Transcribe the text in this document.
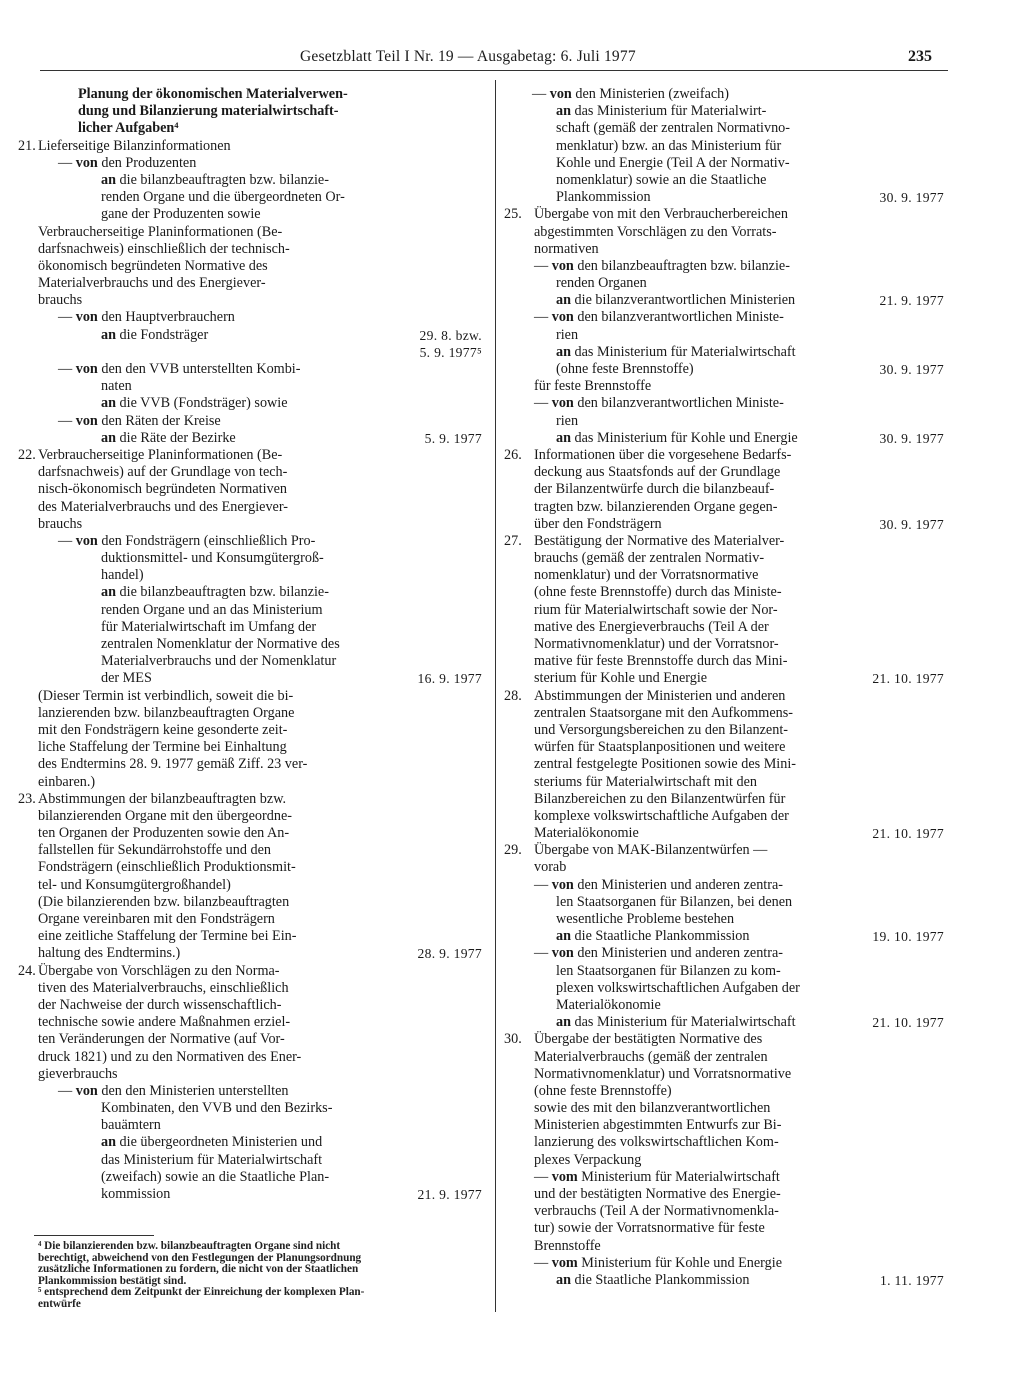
Gesetzblatt Teil I Nr. 19 — Ausgabetag: 6. Juli 1977	235
Planung der ökonomischen Materialverwen-
dung und Bilanzierung materialwirtschaft-
licher Aufgaben⁴
21. Lieferseitige Bilanzinformationen
— von den Produzenten
an die bilanzbeauftragten bzw. bilanzie-
renden Organe und die übergeordneten Or-
gane der Produzenten sowie
Verbraucherseitige Planinformationen (Be-
darfsnachweis) einschließlich der technisch-
ökonomisch begründeten Normative des
Materialverbrauchs und des Energiever-
brauchs
— von den Hauptverbrauchern
an die Fondsträger	29. 8. bzw.
5. 9. 1977⁵
— von den den VVB unterstellten Kombi-
naten
an die VVB (Fondsträger) sowie
— von den Räten der Kreise
an die Räte der Bezirke	5. 9. 1977
22. Verbraucherseitige Planinformationen (Be-
darfsnachweis) auf der Grundlage von tech-
nisch-ökonomisch begründeten Normativen
des Materialverbrauchs und des Energiever-
brauchs
— von den Fondsträgern (einschließlich Pro-
duktionsmittel- und Konsumgütergroß-
handel)
an die bilanzbeauftragten bzw. bilanzie-
renden Organe und an das Ministerium
für Materialwirtschaft im Umfang der
zentralen Nomenklatur der Normative des
Materialverbrauchs und der Nomenklatur
der MES	16. 9. 1977
(Dieser Termin ist verbindlich, soweit die bi-
lanzierenden bzw. bilanzbeauftragten Organe
mit den Fondsträgern keine gesonderte zeit-
liche Staffelung der Termine bei Einhaltung
des Endtermins 28. 9. 1977 gemäß Ziff. 23 ver-
einbaren.)
23. Abstimmungen der bilanzbeauftragten bzw.
bilanzierenden Organe mit den übergeordne-
ten Organen der Produzenten sowie den An-
fallstellen für Sekundärrohstoffe und den
Fondsträgern (einschließlich Produktionsmit-
tel- und Konsumgütergroßhandel)
(Die bilanzierenden bzw. bilanzbeauftragten
Organe vereinbaren mit den Fondsträgern
eine zeitliche Staffelung der Termine bei Ein-
haltung des Endtermins.)	28. 9. 1977
24. Übergabe von Vorschlägen zu den Norma-
tiven des Materialverbrauchs, einschließlich
der Nachweise der durch wissenschaftlich-
technische sowie andere Maßnahmen erziel-
ten Veränderungen der Normative (auf Vor-
druck 1821) und zu den Normativen des Ener-
gieverbrauchs
— von den den Ministerien unterstellten
Kombinaten, den VVB und den Bezirks-
bauämtern
an die übergeordneten Ministerien und
das Ministerium für Materialwirtschaft
(zweifach) sowie an die Staatliche Plan-
kommission	21. 9. 1977
— von den Ministerien (zweifach)
an das Ministerium für Materialwirt-
schaft (gemäß der zentralen Normativno-
menklatur) bzw. an das Ministerium für
Kohle und Energie (Teil A der Normativ-
nomenklatur) sowie an die Staatliche
Plankommission	30. 9. 1977
25. Übergabe von mit den Verbraucherbereichen
abgestimmten Vorschlägen zu den Vorrats-
normativen
— von den bilanzbeauftragten bzw. bilanzie-
renden Organen
an die bilanzverantwortlichen Ministerien	21. 9. 1977
— von den bilanzverantwortlichen Ministe-
rien
an das Ministerium für Materialwirtschaft
(ohne feste Brennstoffe)	30. 9. 1977
für feste Brennstoffe
— von den bilanzverantwortlichen Ministe-
rien
an das Ministerium für Kohle und Energie	30. 9. 1977
26. Informationen über die vorgesehene Bedarfs-
deckung aus Staatsfonds auf der Grundlage
der Bilanzentwürfe durch die bilanzbeauf-
tragten bzw. bilanzierenden Organe gegen-
über den Fondsträgern	30. 9. 1977
27. Bestätigung der Normative des Materialver-
brauchs (gemäß der zentralen Normativ-
nomenklatur) und der Vorratsnormative
(ohne feste Brennstoffe) durch das Ministe-
rium für Materialwirtschaft sowie der Nor-
mative des Energieverbrauchs (Teil A der
Normativnomenklatur) und der Vorratsnor-
mative für feste Brennstoffe durch das Mini-
sterium für Kohle und Energie	21. 10. 1977
28. Abstimmungen der Ministerien und anderen
zentralen Staatsorgane mit den Aufkommens-
und Versorgungsbereichen zu den Bilanzent-
würfen für Staatsplanpositionen und weitere
zentral festgelegte Positionen sowie des Mini-
steriums für Materialwirtschaft mit den
Bilanzbereichen zu den Bilanzentwürfen für
komplexe volkswirtschaftliche Aufgaben der
Materialökonomie	21. 10. 1977
29. Übergabe von MAK-Bilanzentwürfen —
vorab
— von den Ministerien und anderen zentra-
len Staatsorganen für Bilanzen, bei denen
wesentliche Probleme bestehen
an die Staatliche Plankommission	19. 10. 1977
— von den Ministerien und anderen zentra-
len Staatsorganen für Bilanzen zu kom-
plexen volkswirtschaftlichen Aufgaben der
Materialökonomie
an das Ministerium für Materialwirtschaft	21. 10. 1977
30. Übergabe der bestätigten Normative des
Materialverbrauchs (gemäß der zentralen
Normativnomenklatur) und Vorratsnormative
(ohne feste Brennstoffe)
sowie des mit den bilanzverantwortlichen
Ministerien abgestimmten Entwurfs zur Bi-
lanzierung des volkswirtschaftlichen Kom-
plexes Verpackung
— vom Ministerium für Materialwirtschaft
und der bestätigten Normative des Energie-
verbrauchs (Teil A der Normativnomenkla-
tur) sowie der Vorratsnormative für feste
Brennstoffe
— vom Ministerium für Kohle und Energie
an die Staatliche Plankommission	1. 11. 1977
⁴ Die bilanzierenden bzw. bilanzbeauftragten Organe sind nicht
berechtigt, abweichend von den Festlegungen der Planungsordnung
zusätzliche Informationen zu fordern, die nicht von der Staatlichen
Plankommission bestätigt sind.
⁵ entsprechend dem Zeitpunkt der Einreichung der komplexen Plan-
entwürfe
